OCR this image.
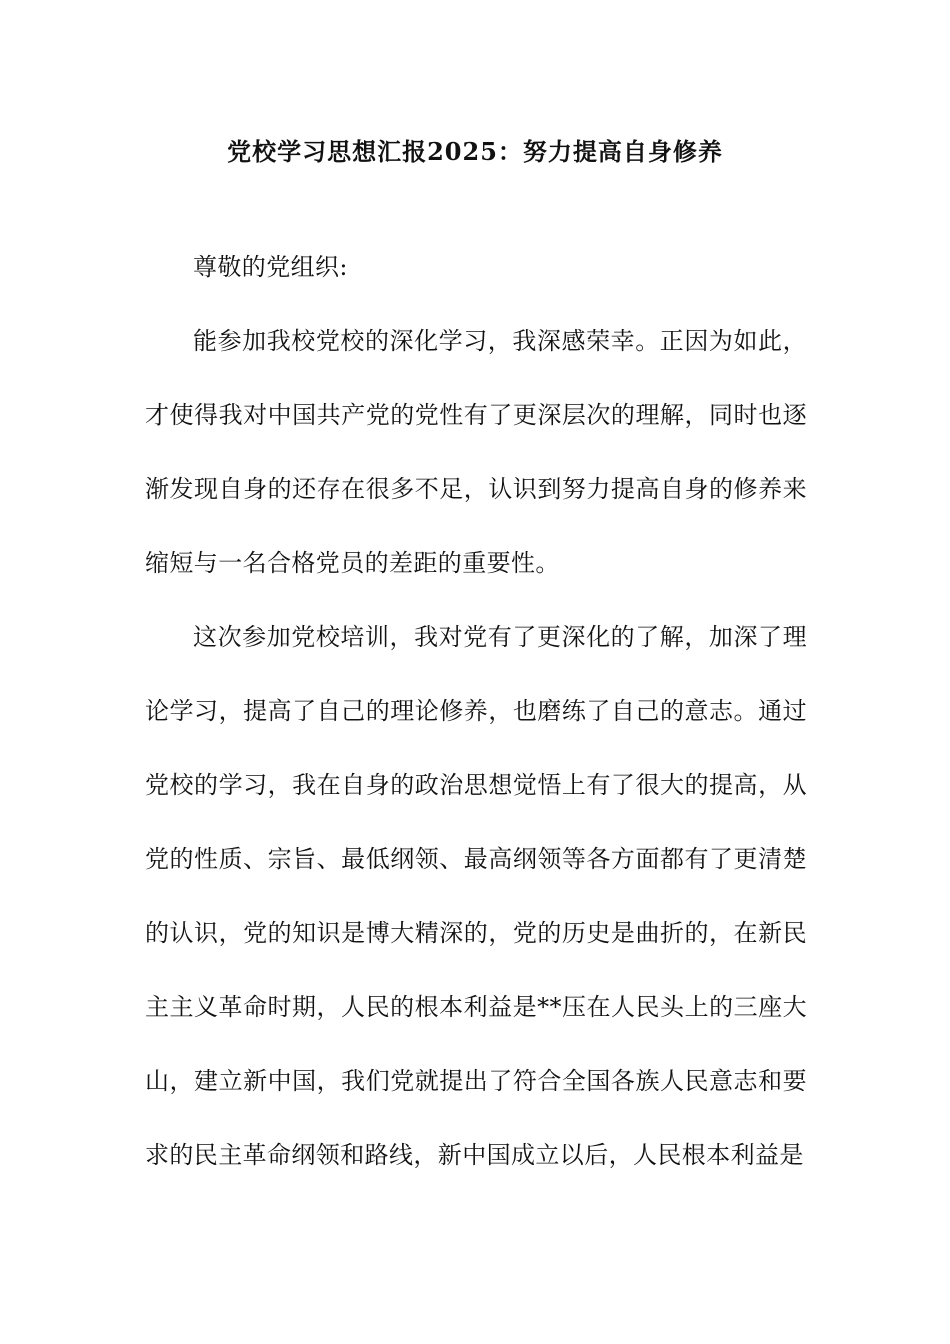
党校学习思想汇报2025：努力提高自身修养
尊敬的党组织:

能参加我校党校的深化学习，我深感荣幸。正因为如此，才使得我对中国共产党的党性有了更深层次的理解，同时也逐渐发现自身的还存在很多不足，认识到努力提高自身的修养来缩短与一名合格党员的差距的重要性。

这次参加党校培训，我对党有了更深化的了解，加深了理论学习，提高了自己的理论修养，也磨练了自己的意志。通过党校的学习，我在自身的政治思想觉悟上有了很大的提高，从党的性质、宗旨、最低纲领、最高纲领等各方面都有了更清楚的认识，党的知识是博大精深的，党的历史是曲折的，在新民主主义革命时期，人民的根本利益是**压在人民头上的三座大山，建立新中国，我们党就提出了符合全国各族人民意志和要求的民主革命纲领和路线，新中国成立以后，人民根本利益是
